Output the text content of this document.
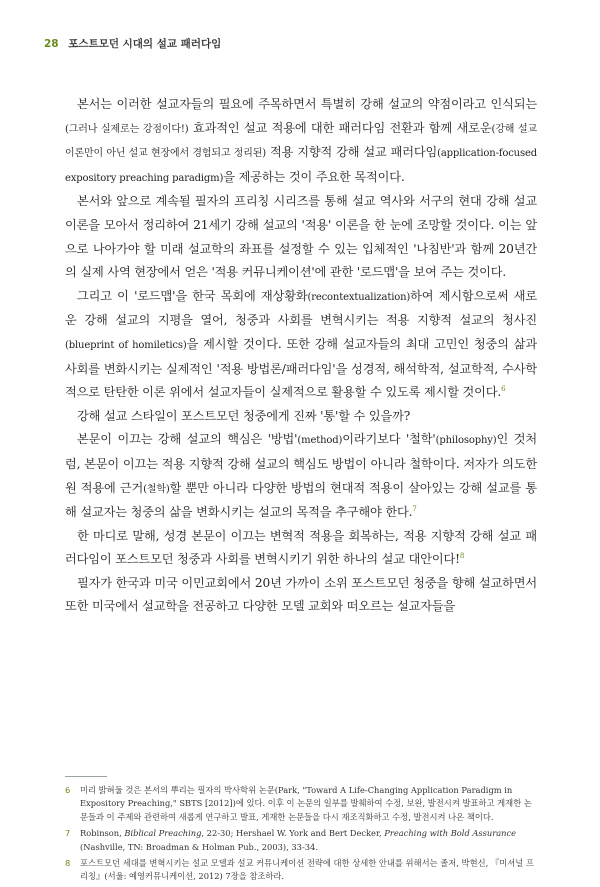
28 포스트모던 시대의 설교 패러다임

본서는 이러한 설교자들의 필요에 주목하면서 특별히 강해 설교의 약점이라고 인식되는(그러나 실제로는 강점이다!) 효과적인 설교 적용에 대한 패러다임 전환과 함께 새로운(강해 설교 이론만이 아닌 설교 현장에서 경험되고 정리된) 적용 지향적 강해 설교 패러다임(application-focused expository preaching paradigm)을 제공하는 것이 주요한 목적이다.

본서와 앞으로 계속될 필자의 프리칭 시리즈를 통해 설교 역사와 서구의 현대 강해 설교 이론을 모아서 정리하여 21세기 강해 설교의 '적용' 이론을 한 눈에 조망할 것이다. 이는 앞으로 나아가야 할 미래 설교학의 좌표를 설정할 수 있는 입체적인 '나침반'과 함께 20년간의 실제 사역 현장에서 얻은 '적용 커뮤니케이션'에 관한 '로드맵'을 보여 주는 것이다.

그리고 이 '로드맵'을 한국 목회에 재상황화(recontextualization)하여 제시함으로써 새로운 강해 설교의 지평을 열어, 청중과 사회를 변혁시키는 적용 지향적 설교의 청사진(blueprint of homiletics)을 제시할 것이다. 또한 강해 설교자들의 최대 고민인 청중의 삶과 사회를 변화시키는 실제적인 '적용 방법론/패러다임'을 성경적, 해석학적, 설교학적, 수사학적으로 탄탄한 이론 위에서 설교자들이 실제적으로 활용할 수 있도록 제시할 것이다.$^6$

강해 설교 스타일이 포스트모던 청중에게 진짜 '통'할 수 있을까?

본문이 이끄는 강해 설교의 핵심은 '방법'(method)이라기보다 '철학'(philosophy)인 것처럼, 본문이 이끄는 적용 지향적 강해 설교의 핵심도 방법이 아니라 철학이다. 저자가 의도한 원 적용에 근거(철학)할 뿐만 아니라 다양한 방법의 현대적 적용이 살아있는 강해 설교를 통해 설교자는 청중의 삶을 변화시키는 설교의 목적을 추구해야 한다.$^7$

한 마디로 말해, 성경 본문이 이끄는 변혁적 적용을 회복하는, 적용 지향적 강해 설교 패러다임이 포스트모던 청중과 사회를 변혁시키기 위한 하나의 설교 대안이다!$^8$

필자가 한국과 미국 이민교회에서 20년 가까이 소위 포스트모던 청중을 향해 설교하면서 또한 미국에서 설교학을 전공하고 다양한 모델 교회와 떠오르는 설교자들을

6 미리 밝혀둘 것은 본서의 뿌리는 필자의 박사학위 논문(Park, "Toward A Life-Changing Application Paradigm in Expository Preaching," SBTS [2012])에 있다. 이후 이 논문의 일부를 발췌하여 수정, 보완, 발전시켜 발표하고 게재한 논문들과 이 주제와 관련하여 새롭게 연구하고 발표, 게재한 논문들을 다시 재조직화하고 수정, 발전시켜 나온 책이다.
7 Robinson, Biblical Preaching, 22-30; Hershael W. York and Bert Decker, Preaching with Bold Assurance (Nashville, TN: Broadman & Holman Pub., 2003), 33-34.
8 포스트모던 세대를 변혁시키는 설교 모델과 설교 커뮤니케이션 전략에 대한 상세한 안내를 위해서는 졸저, 박현신, 『미셔널 프리칭』(서울: 예영커뮤니케이션, 2012) 7장을 참조하라.
